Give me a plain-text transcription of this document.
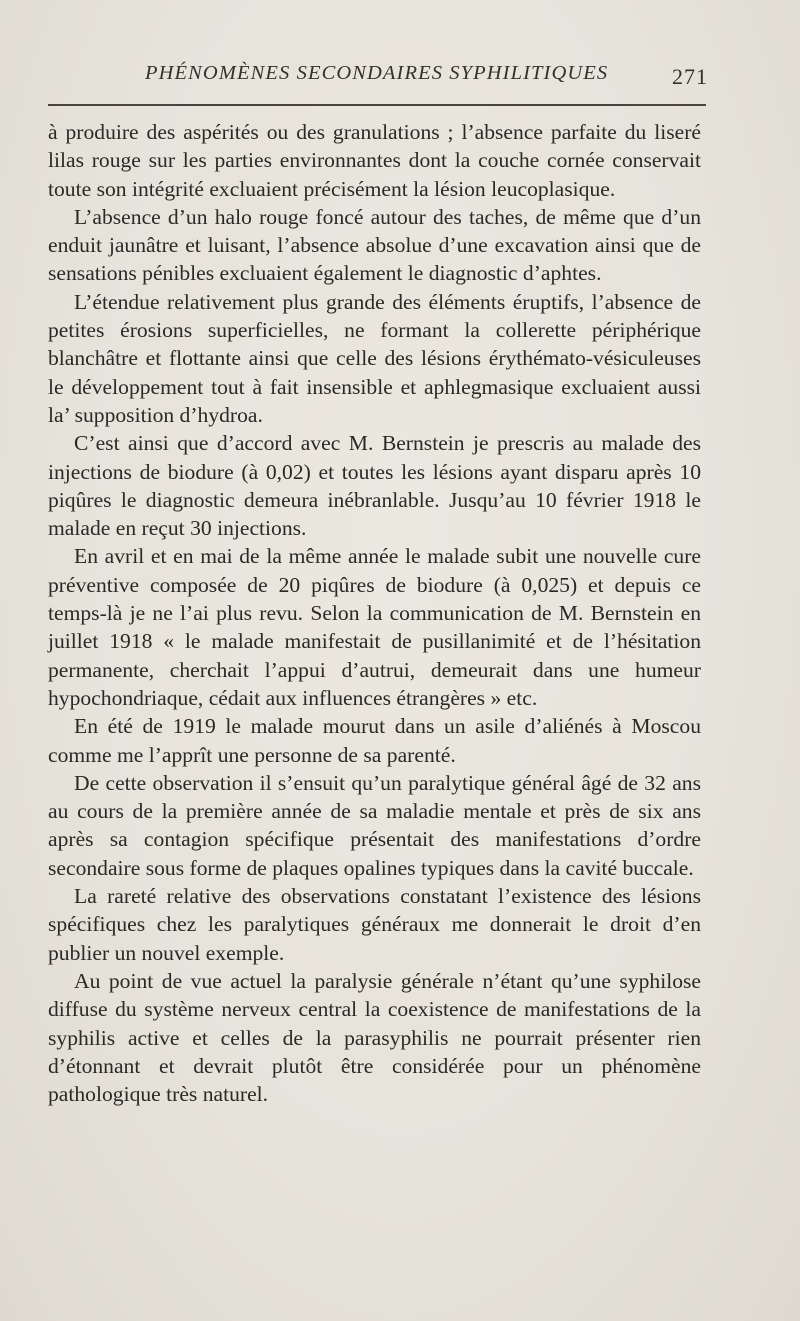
PHÉNOMÈNES SECONDAIRES SYPHILITIQUES	271

à produire des aspérités ou des granulations ; l’absence parfaite du liseré lilas rouge sur les parties environnantes dont la couche cornée conservait toute son intégrité excluaient précisément la lésion leucoplasique.

L’absence d’un halo rouge foncé autour des taches, de même que d’un enduit jaunâtre et luisant, l’absence absolue d’une excavation ainsi que de sensations pénibles excluaient également le diagnostic d’aphtes.

L’étendue relativement plus grande des éléments éruptifs, l’absence de petites érosions superficielles, ne formant la collerette périphérique blanchâtre et flottante ainsi que celle des lésions érythémato-vésiculeuses le développement tout à fait insensible et aphlegmasique excluaient aussi la’ supposition d’hydroa.

C’est ainsi que d’accord avec M. Bernstein je prescris au malade des injections de biodure (à 0,02) et toutes les lésions ayant disparu après 10 piqûres le diagnostic demeura inébranlable. Jusqu’au 10 février 1918 le malade en reçut 30 injections.

En avril et en mai de la même année le malade subit une nouvelle cure préventive composée de 20 piqûres de biodure (à 0,025) et depuis ce temps-là je ne l’ai plus revu. Selon la communication de M. Bernstein en juillet 1918 « le malade manifestait de pusillanimité et de l’hésitation permanente, cherchait l’appui d’autrui, demeurait dans une humeur hypochondriaque, cédait aux influences étrangères » etc.

En été de 1919 le malade mourut dans un asile d’aliénés à Moscou comme me l’apprît une personne de sa parenté.

De cette observation il s’ensuit qu’un paralytique général âgé de 32 ans au cours de la première année de sa maladie mentale et près de six ans après sa contagion spécifique présentait des manifestations d’ordre secondaire sous forme de plaques opalines typiques dans la cavité buccale.

La rareté relative des observations constatant l’existence des lésions spécifiques chez les paralytiques généraux me donnerait le droit d’en publier un nouvel exemple.

Au point de vue actuel la paralysie générale n’étant qu’une syphilose diffuse du système nerveux central la coexistence de manifestations de la syphilis active et celles de la parasyphilis ne pourrait présenter rien d’étonnant et devrait plutôt être considérée pour un phénomène pathologique très naturel.
